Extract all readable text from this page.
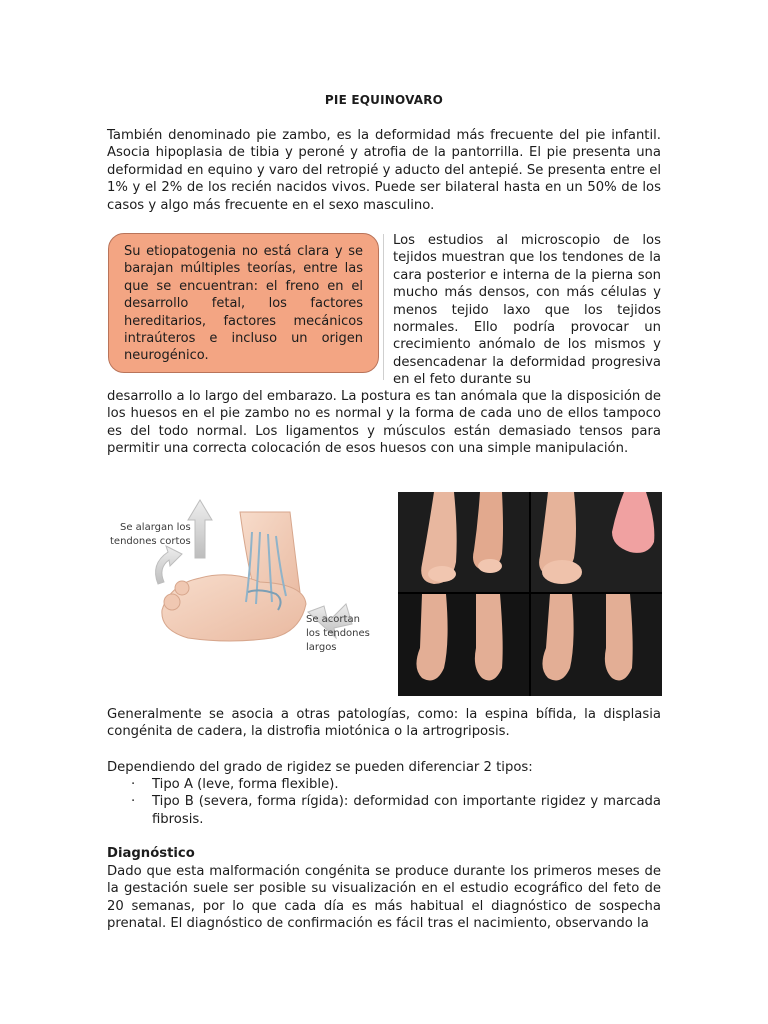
PIE EQUINOVARO

También denominado pie zambo, es la deformidad más frecuente del pie infantil. Asocia hipoplasia de tibia y peroné y atrofia de la pantorrilla. El pie presenta una deformidad en equino y varo del retropié y aducto del antepié. Se presenta entre el 1% y el 2% de los recién nacidos vivos. Puede ser bilateral hasta en un 50% de los casos y algo más frecuente en el sexo masculino.

Su etiopatogenia no está clara y se barajan múltiples teorías, entre las que se encuentran: el freno en el desarrollo fetal, los factores hereditarios, factores mecánicos intraúteros e incluso un origen neurogénico.

Los estudios al microscopio de los tejidos muestran que los tendones de la cara posterior e interna de la pierna son mucho más densos, con más células y menos tejido laxo que los tejidos normales. Ello podría provocar un crecimiento anómalo de los mismos y desencadenar la deformidad progresiva en el feto durante su

desarrollo a lo largo del embarazo. La postura es tan anómala que la disposición de los huesos en el pie zambo no es normal y la forma de cada uno de ellos tampoco es del todo normal. Los ligamentos y músculos están demasiado tensos para permitir una correcta colocación de esos huesos con una simple manipulación.

Se alargan los
tendones cortos
Se acortan
los tendones
largos

Generalmente se asocia a otras patologías, como: la espina bífida, la displasia congénita de cadera, la distrofia miotónica o la artrogriposis.

Dependiendo del grado de rigidez se pueden diferenciar 2 tipos:

· Tipo A (leve, forma flexible).
· Tipo B (severa, forma rígida): deformidad con importante rigidez y marcada fibrosis.
Diagnóstico

Dado que esta malformación congénita se produce durante los primeros meses de la gestación suele ser posible su visualización en el estudio ecográfico del feto de 20 semanas, por lo que cada día es más habitual el diagnóstico de sospecha prenatal. El diagnóstico de confirmación es fácil tras el nacimiento, observando la
